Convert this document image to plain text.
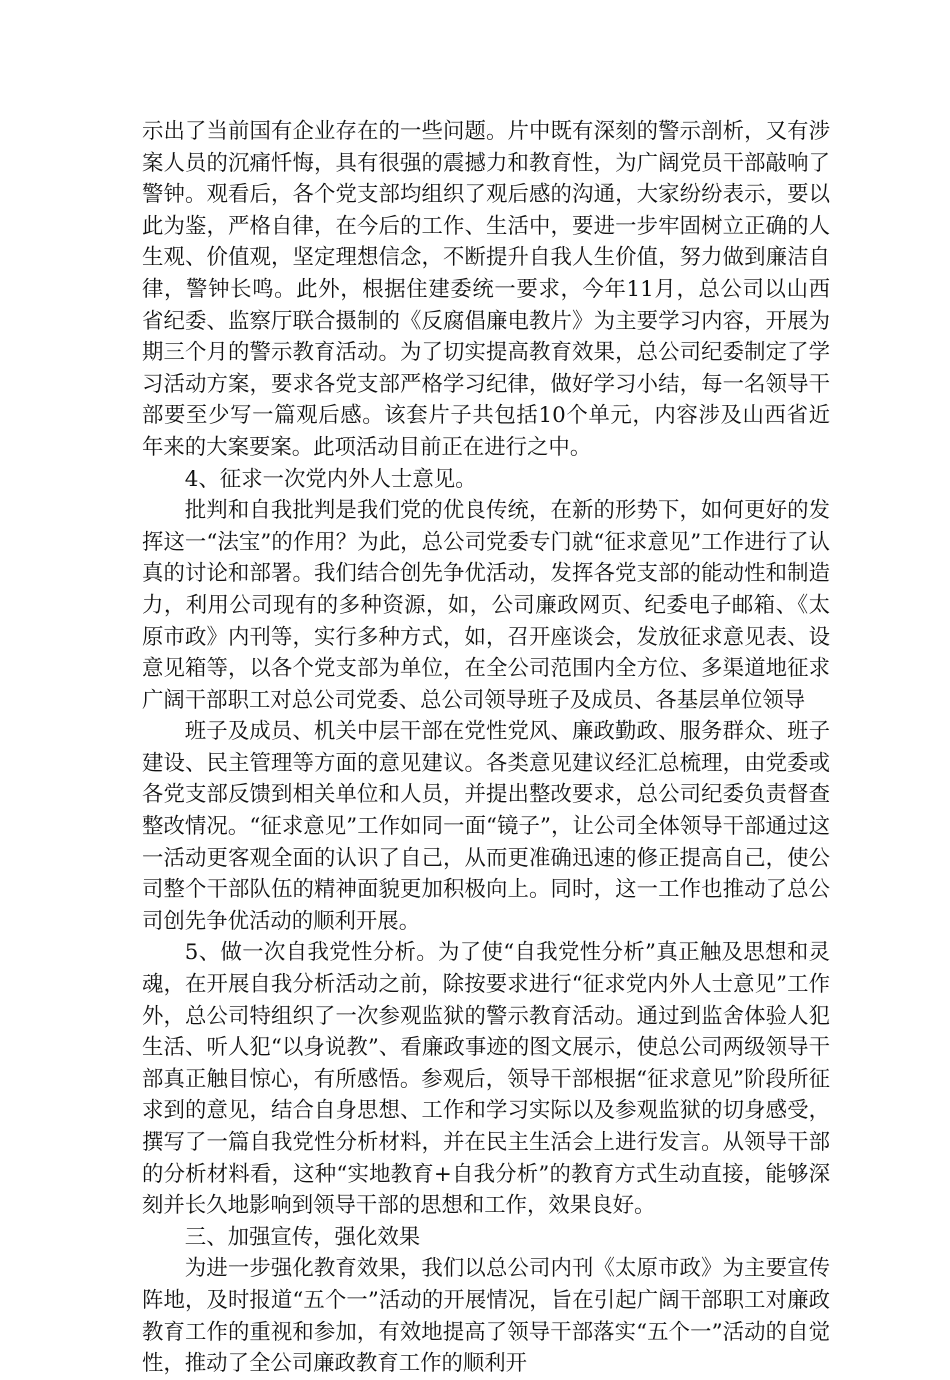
示出了当前国有企业存在的一些问题。片中既有深刻的警示剖析，又有涉案人员的沉痛忏悔，具有很强的震撼力和教育性，为广阔党员干部敲响了警钟。观看后，各个党支部均组织了观后感的沟通，大家纷纷表示，要以此为鉴，严格自律，在今后的工作、生活中，要进一步牢固树立正确的人生观、价值观，坚定理想信念，不断提升自我人生价值，努力做到廉洁自律，警钟长鸣。此外，根据住建委统一要求，今年11月，总公司以山西省纪委、监察厅联合摄制的《反腐倡廉电教片》为主要学习内容，开展为期三个月的警示教育活动。为了切实提高教育效果，总公司纪委制定了学习活动方案，要求各党支部严格学习纪律，做好学习小结，每一名领导干部要至少写一篇观后感。该套片子共包括10个单元，内容涉及山西省近年来的大案要案。此项活动目前正在进行之中。

4、征求一次党内外人士意见。

批判和自我批判是我们党的优良传统，在新的形势下，如何更好的发挥这一“法宝”的作用？为此，总公司党委专门就“征求意见”工作进行了认真的讨论和部署。我们结合创先争优活动，发挥各党支部的能动性和制造力，利用公司现有的多种资源，如，公司廉政网页、纪委电子邮箱、《太原市政》内刊等，实行多种方式，如，召开座谈会，发放征求意见表、设意见箱等，以各个党支部为单位，在全公司范围内全方位、多渠道地征求广阔干部职工对总公司党委、总公司领导班子及成员、各基层单位领导

班子及成员、机关中层干部在党性党风、廉政勤政、服务群众、班子建设、民主管理等方面的意见建议。各类意见建议经汇总梳理，由党委或各党支部反馈到相关单位和人员，并提出整改要求，总公司纪委负责督查整改情况。“征求意见”工作如同一面“镜子”，让公司全体领导干部通过这一活动更客观全面的认识了自己，从而更准确迅速的修正提高自己，使公司整个干部队伍的精神面貌更加积极向上。同时，这一工作也推动了总公司创先争优活动的顺利开展。

5、做一次自我党性分析。为了使“自我党性分析”真正触及思想和灵魂，在开展自我分析活动之前，除按要求进行“征求党内外人士意见”工作外，总公司特组织了一次参观监狱的警示教育活动。通过到监舍体验人犯生活、听人犯“以身说教”、看廉政事迹的图文展示，使总公司两级领导干部真正触目惊心，有所感悟。参观后，领导干部根据“征求意见”阶段所征求到的意见，结合自身思想、工作和学习实际以及参观监狱的切身感受，撰写了一篇自我党性分析材料，并在民主生活会上进行发言。从领导干部的分析材料看，这种“实地教育+自我分析”的教育方式生动直接，能够深刻并长久地影响到领导干部的思想和工作，效果良好。

三、加强宣传，强化效果

为进一步强化教育效果，我们以总公司内刊《太原市政》为主要宣传阵地，及时报道“五个一”活动的开展情况，旨在引起广阔干部职工对廉政教育工作的重视和参加，有效地提高了领导干部落实“五个一”活动的自觉性，推动了全公司廉政教育工作的顺利开
